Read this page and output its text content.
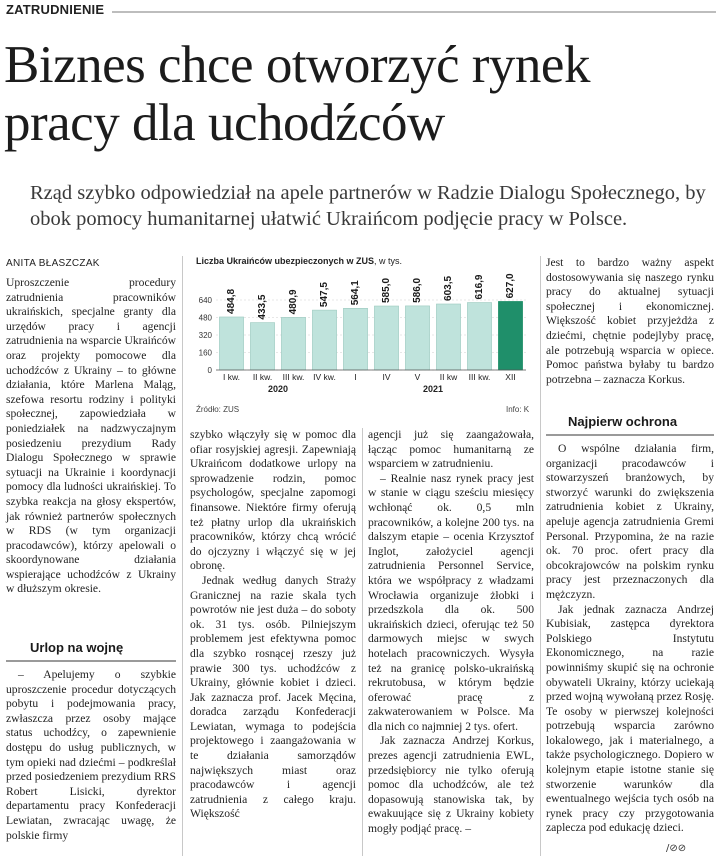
ZATRUDNIENIE
Biznes chce otworzyć rynek pracy dla uchodźców

Rząd szybko odpowiedział na apele partnerów w Radzie Dialogu Społecznego, by obok pomocy humanitarnej ułatwić Ukraińcom podjęcie pracy w Polsce.

ANITA BŁASZCZAK

Uproszczenie procedury zatrudnienia pracowników ukraińskich, specjalne granty dla urzędów pracy i agencji zatrudnienia na wsparcie Ukraińców oraz projekty pomocowe dla uchodźców z Ukrainy – to główne działania, które Marlena Maląg, szefowa resortu rodziny i polityki społecznej, zapowiedziała w poniedziałek na nadzwyczajnym posiedzeniu prezydium Rady Dialogu Społecznego w sprawie sytuacji na Ukrainie i koordynacji pomocy dla ludności ukraińskiej. To szybka reakcja na głosy ekspertów, jak również partnerów społecznych w RDS (w tym organizacji pracodawców), którzy apelowali o skoordynowane działania wspierające uchodźców z Ukrainy w dłuższym okresie.

Urlop na wojnę

– Apelujemy o szybkie uproszczenie procedur dotyczących pobytu i podejmowania pracy, zwłaszcza przez osoby mające status uchodźcy, o zapewnienie dostępu do usług publicznych, w tym opieki nad dziećmi – podkreślał przed posiedzeniem prezydium RRS Robert Lisicki, dyrektor departamentu pracy Konfederacji Lewiatan, zwracając uwagę, że polskie firmy

Liczba Ukraińców ubezpieczonych w ZUS, w tys.
0
160
320
480
640 484,8
I kw.
433,5
II kw.
480,9
III kw.
547,5
IV kw.
564,1
I
585,0
IV
586,0
V
603,5
II kw
616,9
III kw.
627,0
XII
2020	2021
Źródło: ZUS	Info: K

szybko włączyły się w pomoc dla ofiar rosyjskiej agresji. Zapewniają Ukraińcom dodatkowe urlopy na sprowadzenie rodzin, pomoc psychologów, specjalne zapomogi finansowe. Niektóre firmy oferują też płatny urlop dla ukraińskich pracowników, którzy chcą wrócić do ojczyzny i włączyć się w jej obronę.

Jednak według danych Straży Granicznej na razie skala tych powrotów nie jest duża – do soboty ok. 31 tys. osób. Pilniejszym problemem jest efektywna pomoc dla szybko rosnącej rzeszy już prawie 300 tys. uchodźców z Ukrainy, głównie kobiet i dzieci. Jak zaznacza prof. Jacek Męcina, doradca zarządu Konfederacji Lewiatan, wymaga to podejścia projektowego i zaangażowania w te działania samorządów największych miast oraz pracodawców i agencji zatrudnienia z całego kraju. Większość

agencji już się zaangażowała, łącząc pomoc humanitarną ze wsparciem w zatrudnieniu.

– Realnie nasz rynek pracy jest w stanie w ciągu sześciu miesięcy wchłonąć ok. 0,5 mln pracowników, a kolejne 200 tys. na dalszym etapie – ocenia Krzysztof Inglot, założyciel agencji zatrudnienia Personnel Service, która we współpracy z władzami Wrocławia organizuje żłobki i przedszkola dla ok. 500 ukraińskich dzieci, oferując też 50 darmowych miejsc w swych hotelach pracowniczych. Wysyła też na granicę polsko-ukraińską rekrutobusa, w którym będzie oferować pracę z zakwaterowaniem w Polsce. Ma dla nich co najmniej 2 tys. ofert.

Jak zaznacza Andrzej Korkus, prezes agencji zatrudnienia EWL, przedsiębiorcy nie tylko oferują pomoc dla uchodźców, ale też dopasowują stanowiska tak, by ewakuujące się z Ukrainy kobiety mogły podjąć pracę. –

Jest to bardzo ważny aspekt dostosowywania się naszego rynku pracy do aktualnej sytuacji społecznej i ekonomicznej. Większość kobiet przyjeżdża z dziećmi, chętnie podejlyby pracę, ale potrzebują wsparcia w opiece. Pomoc państwa byłaby tu bardzo potrzebna – zaznacza Korkus.

Najpierw ochrona

O wspólne działania firm, organizacji pracodawców i stowarzyszeń branżowych, by stworzyć warunki do zwiększenia zatrudnienia kobiet z Ukrainy, apeluje agencja zatrudnienia Gremi Personal. Przypomina, że na razie ok. 70 proc. ofert pracy dla obcokrajowców na polskim rynku pracy jest przeznaczonych dla mężczyzn.

Jak jednak zaznacza Andrzej Kubisiak, zastępca dyrektora Polskiego Instytutu Ekonomicznego, na razie powinniśmy skupić się na ochronie obywateli Ukrainy, którzy uciekają przed wojną wywołaną przez Rosję. Te osoby w pierwszej kolejności potrzebują wsparcia zarówno lokalowego, jak i materialnego, a także psychologicznego. Dopiero w kolejnym etapie istotne stanie się stworzenie warunków dla ewentualnego wejścia tych osób na rynek pracy czy przygotowania zaplecza pod edukację dzieci.

/⊘⊘
